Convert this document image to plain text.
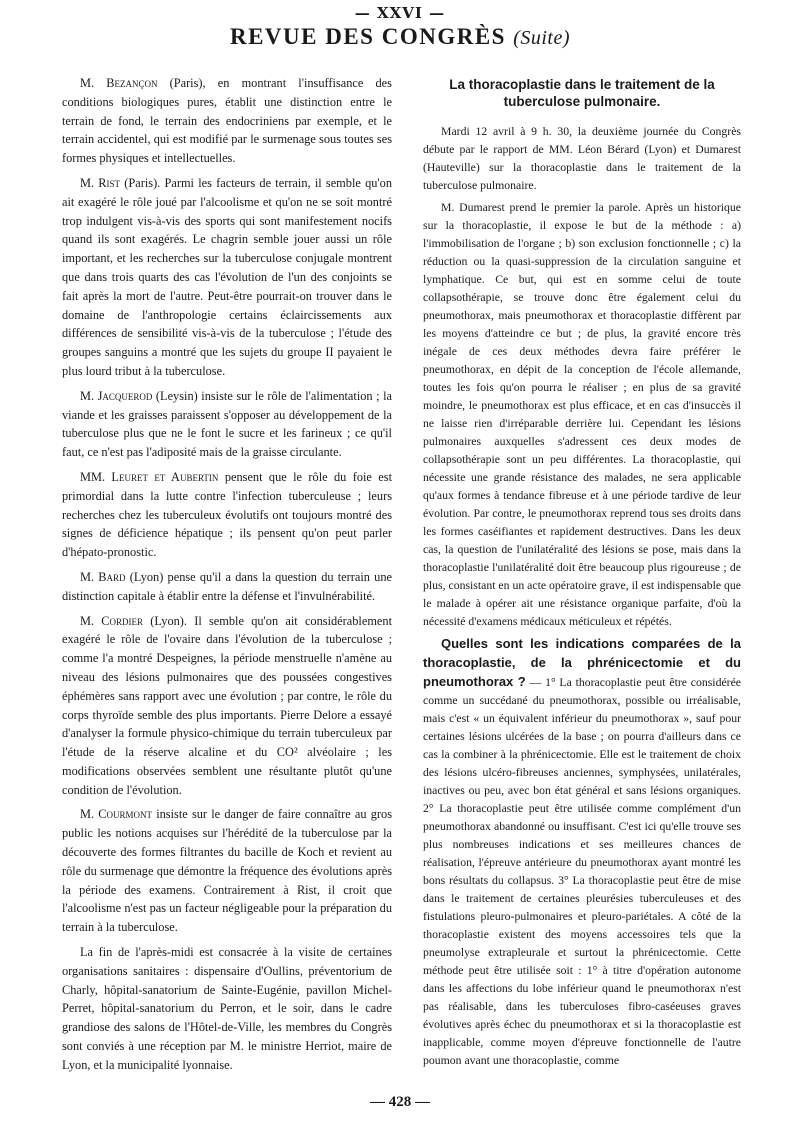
— XXVI —
REVUE DES CONGRÈS (Suite)

M. Bezançon (Paris), en montrant l'insuffisance des conditions biologiques pures, établit une distinction entre le terrain de fond, le terrain des endocriniens par exemple, et le terrain accidentel, qui est modifié par le surmenage sous toutes ses formes physiques et intellectuelles.

M. Rist (Paris). Parmi les facteurs de terrain, il semble qu'on ait exagéré le rôle joué par l'alcoolisme et qu'on ne se soit montré trop indulgent vis-à-vis des sports qui sont manifestement nocifs quand ils sont exagérés. Le chagrin semble jouer aussi un rôle important, et les recherches sur la tuberculose conjugale montrent que dans trois quarts des cas l'évolution de l'un des conjoints se fait après la mort de l'autre. Peut-être pourrait-on trouver dans le domaine de l'anthropologie certains éclaircissements aux différences de sensibilité vis-à-vis de la tuberculose ; l'étude des groupes sanguins a montré que les sujets du groupe II payaient le plus lourd tribut à la tuberculose.

M. Jacquerod (Leysin) insiste sur le rôle de l'alimentation ; la viande et les graisses paraissent s'opposer au développement de la tuberculose plus que ne le font le sucre et les farineux ; ce qu'il faut, ce n'est pas l'adiposité mais de la graisse circulante.

MM. Leuret et Aubertin pensent que le rôle du foie est primordial dans la lutte contre l'infection tuberculeuse ; leurs recherches chez les tuberculeux évolutifs ont toujours montré des signes de déficience hépatique ; ils pensent qu'on peut parler d'hépato-pronostic.

M. Bard (Lyon) pense qu'il a dans la question du terrain une distinction capitale à établir entre la défense et l'invulnérabilité.

M. Cordier (Lyon). Il semble qu'on ait considérablement exagéré le rôle de l'ovaire dans l'évolution de la tuberculose ; comme l'a montré Despeignes, la période menstruelle n'amène au niveau des lésions pulmonaires que des poussées congestives éphémères sans rapport avec une évolution ; par contre, le rôle du corps thyroïde semble des plus importants. Pierre Delore a essayé d'analyser la formule physico-chimique du terrain tuberculeux par l'étude de la réserve alcaline et du CO² alvéolaire ; les modifications observées semblent une résultante plutôt qu'une condition de l'évolution.

M. Courmont insiste sur le danger de faire connaître au gros public les notions acquises sur l'hérédité de la tuberculose par la découverte des formes filtrantes du bacille de Koch et revient au rôle du surmenage que démontre la fréquence des évolutions après la période des examens. Contrairement à Rist, il croit que l'alcoolisme n'est pas un facteur négligeable pour la préparation du terrain à la tuberculose.

La fin de l'après-midi est consacrée à la visite de certaines organisations sanitaires : dispensaire d'Oullins, préventorium de Charly, hôpital-sanatorium de Sainte-Eugénie, pavillon Michel-Perret, hôpital-sanatorium du Perron, et le soir, dans le cadre grandiose des salons de l'Hôtel-de-Ville, les membres du Congrès sont conviés à une réception par M. le ministre Herriot, maire de Lyon, et la municipalité lyonnaise.

La thoracoplastie dans le traitement de la tuberculose pulmonaire.

Mardi 12 avril à 9 h. 30, la deuxième journée du Congrès débute par le rapport de MM. Léon Bérard (Lyon) et Dumarest (Hauteville) sur la thoracoplastie dans le traitement de la tuberculose pulmonaire.

M. Dumarest prend le premier la parole. Après un historique sur la thoracoplastie, il expose le but de la méthode : a) l'immobilisation de l'organe ; b) son exclusion fonctionnelle ; c) la réduction ou la quasi-suppression de la circulation sanguine et lymphatique. Ce but, qui est en somme celui de toute collapsothérapie, se trouve donc être également celui du pneumothorax, mais pneumothorax et thoracoplastie diffèrent par les moyens d'atteindre ce but ; de plus, la gravité encore très inégale de ces deux méthodes devra faire préférer le pneumothorax, en dépit de la conception de l'école allemande, toutes les fois qu'on pourra le réaliser ; en plus de sa gravité moindre, le pneumothorax est plus efficace, et en cas d'insuccès il ne laisse rien d'irréparable derrière lui. Cependant les lésions pulmonaires auxquelles s'adressent ces deux modes de collapsothérapie sont un peu différentes. La thoracoplastie, qui nécessite une grande résistance des malades, ne sera applicable qu'aux formes à tendance fibreuse et à une période tardive de leur évolution. Par contre, le pneumothorax reprend tous ses droits dans les formes caséifiantes et rapidement destructives. Dans les deux cas, la question de l'unilatéralité des lésions se pose, mais dans la thoracoplastie l'unilatéralité doit être beaucoup plus rigoureuse ; de plus, consistant en un acte opératoire grave, il est indispensable que le malade à opérer ait une résistance organique parfaite, d'où la nécessité d'examens médicaux méticuleux et répétés.

Quelles sont les indications comparées de la thoracoplastie, de la phrénicectomie et du pneumothorax ? — 1° La thoracoplastie peut être considérée comme un succédané du pneumothorax, possible ou irréalisable, mais c'est « un équivalent inférieur du pneumothorax », sauf pour certaines lésions ulcérées de la base ; on pourra d'ailleurs dans ce cas la combiner à la phrénicectomie. Elle est le traitement de choix des lésions ulcéro-fibreuses anciennes, symphysées, unilatérales, inactives ou peu, avec bon état général et sans lésions organiques. 2° La thoracoplastie peut être utilisée comme complément d'un pneumothorax abandonné ou insuffisant. C'est ici qu'elle trouve ses plus nombreuses indications et ses meilleures chances de réalisation, l'épreuve antérieure du pneumothorax ayant montré les bons résultats du collapsus. 3° La thoracoplastie peut être de mise dans le traitement de certaines pleurésies tuberculeuses et des fistulations pleuro-pulmonaires et pleuro-pariétales. A côté de la thoracoplastie existent des moyens accessoires tels que la pneumolyse extrapleurale et surtout la phrénicectomie. Cette méthode peut être utilisée soit : 1° à titre d'opération autonome dans les affections du lobe inférieur quand le pneumothorax n'est pas réalisable, dans les tuberculoses fibro-caséeuses graves évolutives après échec du pneumothorax et si la thoracoplastie est inapplicable, comme moyen d'épreuve fonctionnelle de l'autre poumon avant une thoracoplastie, comme

— 428 —
